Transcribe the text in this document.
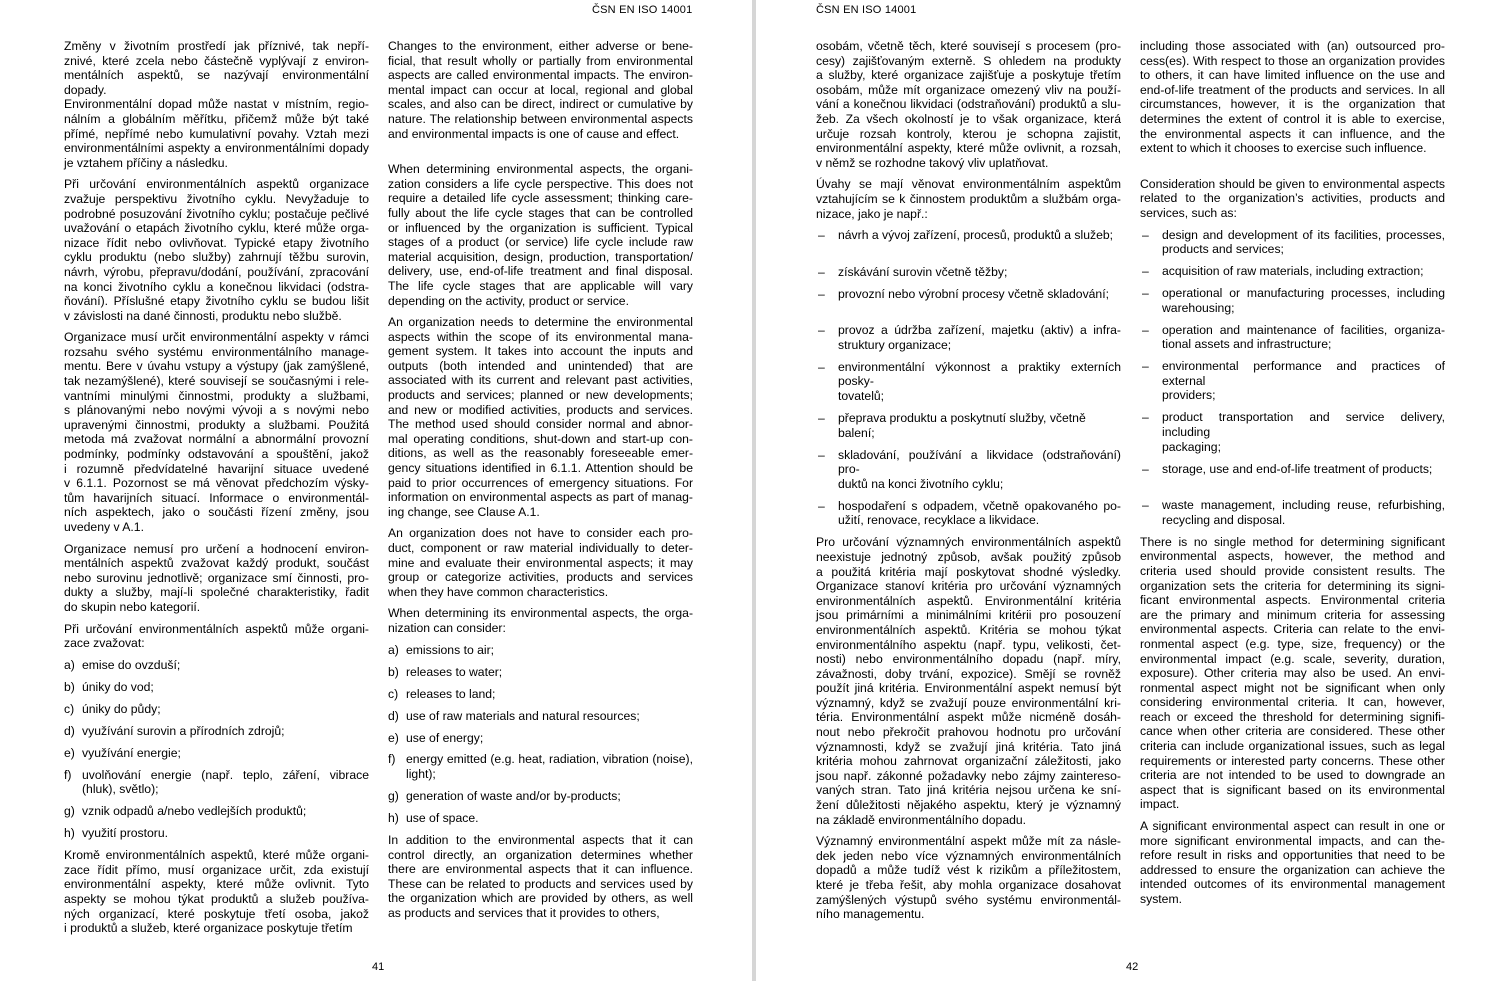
ČSN EN ISO 14001

Změny v životním prostředí jak příznivé, tak nepří-

znivé, které zcela nebo částečně vyplývají z environ-

mentálních aspektů, se nazývají environmentální dopady.

Environmentální dopad může nastat v místním, regio-

nálním a globálním měřítku, přičemž může být také

přímé, nepřímé nebo kumulativní povahy. Vztah mezi

environmentálními aspekty a environmentálními dopady

je vztahem příčiny a následku.

Při určování environmentálních aspektů organizace

zvažuje perspektivu životního cyklu. Nevyžaduje to

podrobné posuzování životního cyklu; postačuje pečlivé

uvažování o etapách životního cyklu, které může orga-

nizace řídit nebo ovlivňovat. Typické etapy životního

cyklu produktu (nebo služby) zahrnují těžbu surovin,

návrh, výrobu, přepravu/dodání, používání, zpracování

na konci životního cyklu a konečnou likvidaci (odstra-

ňování). Příslušné etapy životního cyklu se budou lišit

v závislosti na dané činnosti, produktu nebo službě.

Organizace musí určit environmentální aspekty v rámci

rozsahu svého systému environmentálního manage-

mentu. Bere v úvahu vstupy a výstupy (jak zamýšlené,

tak nezamýšlené), které souvisejí se současnými i rele-

vantními minulými činnostmi, produkty a službami,

s plánovanými nebo novými vývoji a s novými nebo

upravenými činnostmi, produkty a službami. Použitá

metoda má zvažovat normální a abnormální provozní

podmínky, podmínky odstavování a spouštění, jakož

i rozumně předvídatelné havarijní situace uvedené

v 6.1.1. Pozornost se má věnovat předchozím výsky-

tům havarijních situací. Informace o environmentál-

ních aspektech, jako o součásti řízení změny, jsou

uvedeny v A.1.

Organizace nemusí pro určení a hodnocení environ-

mentálních aspektů zvažovat každý produkt, součást

nebo surovinu jednotlivě; organizace smí činnosti, pro-

dukty a služby, mají-li společné charakteristiky, řadit

do skupin nebo kategorií.

Při určování environmentálních aspektů může organi-

zace zvažovat:

a) emise do ovzduší;
b) úniky do vod;
c) úniky do půdy;
d) využívání surovin a přírodních zdrojů;
e) využívání energie;
f) uvolňování energie (např. teplo, záření, vibrace
(hluk), světlo);
g) vznik odpadů a/nebo vedlejších produktů;
h) využití prostoru.

Kromě environmentálních aspektů, které může organi-

zace řídit přímo, musí organizace určit, zda existují

environmentální aspekty, které může ovlivnit. Tyto

aspekty se mohou týkat produktů a služeb používa-

ných organizací, které poskytuje třetí osoba, jakož

i produktů a služeb, které organizace poskytuje třetím

Changes to the environment, either adverse or bene-

ficial, that result wholly or partially from environmental

aspects are called environmental impacts. The environ-

mental impact can occur at local, regional and global

scales, and also can be direct, indirect or cumulative by

nature. The relationship between environmental aspects

and environmental impacts is one of cause and effect.

When determining environmental aspects, the organi-

zation considers a life cycle perspective. This does not

require a detailed life cycle assessment; thinking care-

fully about the life cycle stages that can be controlled

or influenced by the organization is sufficient. Typical

stages of a product (or service) life cycle include raw

material acquisition, design, production, transportation/

delivery, use, end-of-life treatment and final disposal.

The life cycle stages that are applicable will vary

depending on the activity, product or service.

An organization needs to determine the environmental

aspects within the scope of its environmental mana-

gement system. It takes into account the inputs and

outputs (both intended and unintended) that are

associated with its current and relevant past activities,

products and services; planned or new developments;

and new or modified activities, products and services.

The method used should consider normal and abnor-

mal operating conditions, shut-down and start-up con-

ditions, as well as the reasonably foreseeable emer-

gency situations identified in 6.1.1. Attention should be

paid to prior occurrences of emergency situations. For

information on environmental aspects as part of manag-

ing change, see Clause A.1.

An organization does not have to consider each pro-

duct, component or raw material individually to deter-

mine and evaluate their environmental aspects; it may

group or categorize activities, products and services

when they have common characteristics.

When determining its environmental aspects, the orga-

nization can consider:

a) emissions to air;
b) releases to water;
c) releases to land;
d) use of raw materials and natural resources;
e) use of energy;
f) energy emitted (e.g. heat, radiation, vibration (noise),
light);
g) generation of waste and/or by-products;
h) use of space.

In addition to the environmental aspects that it can

control directly, an organization determines whether

there are environmental aspects that it can influence.

These can be related to products and services used by

the organization which are provided by others, as well

as products and services that it provides to others,

41
ČSN EN ISO 14001

osobám, včetně těch, které souvisejí s procesem (pro-

cesy) zajišťovaným externě. S ohledem na produkty

a služby, které organizace zajišťuje a poskytuje třetím

osobám, může mít organizace omezený vliv na použí-

vání a konečnou likvidaci (odstraňování) produktů a slu-

žeb. Za všech okolností je to však organizace, která

určuje rozsah kontroly, kterou je schopna zajistit,

environmentální aspekty, které může ovlivnit, a rozsah,

v němž se rozhodne takový vliv uplatňovat.

Úvahy se mají věnovat environmentálním aspektům

vztahujícím se k činnostem produktům a službám orga-

nizace, jako je např.:

–	návrh a vývoj zařízení, procesů, produktů a služeb;
–	získávání surovin včetně těžby;
–	provozní nebo výrobní procesy včetně skladování;
–	provoz a údržba zařízení, majetku (aktiv) a infra-
struktury organizace;
–	environmentální výkonnost a praktiky externích posky-
tovatelů;
–	přeprava produktu a poskytnutí služby, včetně balení;
–	skladování, používání a likvidace (odstraňování) pro-
duktů na konci životního cyklu;
–	hospodaření s odpadem, včetně opakovaného po-
užití, renovace, recyklace a likvidace.

Pro určování významných environmentálních aspektů

neexistuje jednotný způsob, avšak použitý způsob

a použitá kritéria mají poskytovat shodné výsledky.

Organizace stanoví kritéria pro určování významných

environmentálních aspektů. Environmentální kritéria

jsou primárními a minimálními kritérii pro posouzení

environmentálních aspektů. Kritéria se mohou týkat

environmentálního aspektu (např. typu, velikosti, čet-

nosti) nebo environmentálního dopadu (např. míry,

závažnosti, doby trvání, expozice). Smějí se rovněž

použít jiná kritéria. Environmentální aspekt nemusí být

významný, když se zvažují pouze environmentální kri-

téria. Environmentální aspekt může nicméně dosáh-

nout nebo překročit prahovou hodnotu pro určování

významnosti, když se zvažují jiná kritéria. Tato jiná

kritéria mohou zahrnovat organizační záležitosti, jako

jsou např. zákonné požadavky nebo zájmy zaintereso-

vaných stran. Tato jiná kritéria nejsou určena ke sní-

žení důležitosti nějakého aspektu, který je významný

na základě environmentálního dopadu.

Významný environmentální aspekt může mít za násle-

dek jeden nebo více významných environmentálních

dopadů a může tudíž vést k rizikům a příležitostem,

které je třeba řešit, aby mohla organizace dosahovat

zamýšlených výstupů svého systému environmentál-

ního managementu.

including those associated with (an) outsourced pro-

cess(es). With respect to those an organization provides

to others, it can have limited influence on the use and

end-of-life treatment of the products and services. In all

circumstances, however, it is the organization that

determines the extent of control it is able to exercise,

the environmental aspects it can influence, and the

extent to which it chooses to exercise such influence.

Consideration should be given to environmental aspects

related to the organization’s activities, products and

services, such as:

–	design and development of its facilities, processes,
products and services;
–	acquisition of raw materials, including extraction;
–	operational or manufacturing processes, including
warehousing;
–	operation and maintenance of facilities, organiza-
tional assets and infrastructure;
–	environmental performance and practices of external
providers;
–	product transportation and service delivery, including
packaging;
–	storage, use and end-of-life treatment of products;
–	waste management, including reuse, refurbishing,
recycling and disposal.

There is no single method for determining significant

environmental aspects, however, the method and

criteria used should provide consistent results. The

organization sets the criteria for determining its signi-

ficant environmental aspects. Environmental criteria

are the primary and minimum criteria for assessing

environmental aspects. Criteria can relate to the envi-

ronmental aspect (e.g. type, size, frequency) or the

environmental impact (e.g. scale, severity, duration,

exposure). Other criteria may also be used. An envi-

ronmental aspect might not be significant when only

considering environmental criteria. It can, however,

reach or exceed the threshold for determining signifi-

cance when other criteria are considered. These other

criteria can include organizational issues, such as legal

requirements or interested party concerns. These other

criteria are not intended to be used to downgrade an

aspect that is significant based on its environmental

impact.

A significant environmental aspect can result in one or

more significant environmental impacts, and can the-

refore result in risks and opportunities that need to be

addressed to ensure the organization can achieve the

intended outcomes of its environmental management

system.

42
